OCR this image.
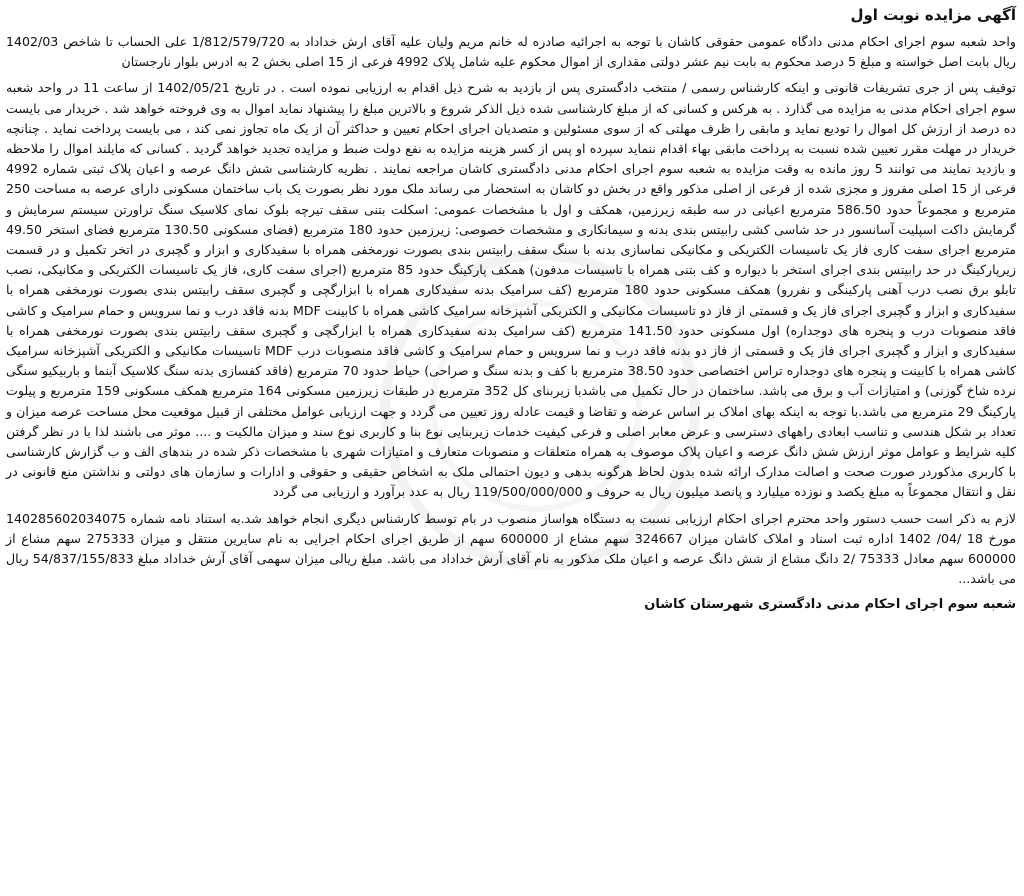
آگهی مزایده نوبت اول

واحد شعبه سوم اجرای احکام مدنی دادگاه عمومی حقوقی کاشان با توجه به اجرائیه صادره له خانم مریم ولیان علیه آقای ارش خداداد به 1/812/579/720 علی الحساب تا شاخص 1402/03 ریال بابت اصل خواسته و مبلغ 5 درصد محکوم به بابت نیم عشر دولتی مقداری از اموال محکوم علیه شامل پلاک 4992 فرعی از 15 اصلی بخش 2 به ادرس بلوار نارجستان

توقیف پس از جری تشریفات قانونی و اینکه کارشناس رسمی / منتخب دادگستری پس از بازدید به شرح ذیل اقدام به ارزیابی نموده است . در تاریخ 1402/05/21 از ساعت 11 در واحد شعبه سوم اجرای احکام مدنی به مزایده می گذارد . به هرکس و کسانی که از مبلغ کارشناسی شده ذیل الذکر شروع و بالاترین مبلغ را پیشنهاد نماید اموال به وی فروخته خواهد شد . خریدار می بایست ده درصد از ارزش کل اموال را تودیع نماید و مابقی را ظرف مهلتی که از سوی مسئولین و متصدیان اجرای احکام تعیین و حداکثر آن از یک ماه تجاوز نمی کند ، می بایست پرداخت نماید . چنانچه خریدار در مهلت مقرر تعیین شده نسبت به پرداخت مابقی بهاء اقدام ننماید سپرده او پس از کسر هزینه مزایده به نفع دولت ضبط و مزایده تجدید خواهد گردید . کسانی که مایلند اموال را ملاحظه و بازدید نمایند می توانند 5 روز مانده به وقت مزایده به شعبه سوم اجرای احکام مدنی دادگستری کاشان مراجعه نمایند . نظریه کارشناسی شش دانگ عرصه و اعیان پلاک ثبتی شماره 4992 فرعی از 15 اصلی مفروز و مجزی شده از فرعی از اصلی مذکور واقع در بخش دو کاشان به استحضار می رساند ملک مورد نظر بصورت یک باب ساختمان مسکونی دارای عرصه به مساحت 250 مترمربع و مجموعاً حدود 586.50 مترمربع اعیانی در سه طبقه زیرزمین، همکف و اول با مشخصات عمومی: اسکلت بتنی سقف تیرچه بلوک نمای کلاسیک سنگ تراورتن سیستم سرمایش و گرمایش داکت اسپلیت آسانسور در حد شاسی کشی رابیتس بندی بدنه و سیمانکاری و مشخصات خصوصی: زیرزمین حدود 180 مترمربع (فضای مسکونی 130.50 مترمربع فضای استخر 49.50 مترمربع اجرای سفت کاری فاز یک تاسیسات الکتریکی و مکانیکی نماسازی بدنه با سنگ سقف رابیتس بندی بصورت نورمخفی همراه با سفیدکاری و ابزار و گچبری در اتخر تکمیل و در قسمت زیرپارکینگ در حد رابیتس بندی اجرای استخر با دیواره و کف بتنی همراه با تاسیسات مدفون) همکف پارکینگ حدود 85 مترمربع (اجرای سفت کاری، فاز یک تاسیسات الکتریکی و مکانیکی، نصب تابلو برق نصب درب آهنی پارکینگی و نفررو) همکف مسکونی حدود 180 مترمربع (کف سرامیک بدنه سفیدکاری همراه با ابزارگچی و گچبری سقف رابیتس بندی بصورت نورمخفی همراه با سفیدکاری و ابزار و گچبری اجرای فاز یک و قسمتی از فاز دو تاسیسات مکانیکی و الکتریکی آشپزخانه سرامیک کاشی همراه با کابینت MDF بدنه فاقد درب و نما سرویس و حمام سرامیک و کاشی فاقد منصوبات درب و پنجره های دوجداره) اول مسکونی حدود 141.50 مترمربع (کف سرامیک بدنه سفیدکاری همراه با ابزارگچی و گچبری سقف رابیتس بندی بصورت نورمخفی همراه با سفیدکاری و ابزار و گچبری اجرای فاز یک و قسمتی از فاز دو بدنه فاقد درب و نما سرویس و حمام سرامیک و کاشی فاقد منصوبات درب MDF تاسیسات مکانیکی و الکتریکی آشپزخانه سرامیک کاشی همراه با کابینت و پنجره های دوجداره تراس اختصاصی حدود 38.50 مترمربع با کف و بدنه سنگ و صراحی) حیاط حدود 70 مترمربع (فاقد کفسازی بدنه سنگ کلاسیک آبنما و باربیکیو سنگی نرده شاخ گوزنی) و امتیازات آب و برق می باشد. ساختمان در حال تکمیل می باشدبا زیربنای کل 352 مترمربع در طبقات زیرزمین مسکونی 164 مترمربع همکف مسکونی 159 مترمربع و پیلوت پارکینگ 29 مترمربع می باشد.با توجه به اینکه بهای املاک بر اساس عرضه و تقاضا و قیمت عادله روز تعیین می گردد و جهت ارزیابی عوامل مختلفی از قبیل موقعیت محل مساحت عرصه میزان و تعداد بر شکل هندسی و تناسب ابعادی راههای دسترسی و عرض معابر اصلی و فرعی کیفیت خدمات زیربنایی نوع بنا و کاربری نوع سند و میزان مالکیت و .... موثر می باشند لذا با در نظر گرفتن کلیه شرایط و عوامل موثر ارزش شش دانگ عرصه و اعیان پلاک موصوف به همراه متعلقات و منصوبات متعارف و امتیازات شهری با مشخصات ذکر شده در بندهای الف و ب گزارش کارشناسی با کاربری مذکوردر صورت صحت و اصالت مدارک ارائه شده بدون لحاظ هرگونه بدهی و دیون احتمالی ملک به اشخاص حقیقی و حقوقی و ادارات و سازمان های دولتی و نداشتن منع قانونی در نقل و انتقال مجموعاً به مبلغ یکصد و نوزده میلیارد و پانصد میلیون ریال به حروف و 119/500/000/000 ریال به عدد برآورد و ارزیابی می گردد

لازم به ذکر است حسب دستور واحد محترم اجرای احکام ارزیابی نسبت به دستگاه هواساز منصوب در بام توسط کارشناس دیگری انجام خواهد شد.به استناد نامه شماره 140285602034075 مورخ 18 /04/ 1402 اداره ثبت اسناد و املاک کاشان میزان 324667 سهم مشاع از 600000 سهم از طریق اجرای احکام اجرایی به نام سایرین منتقل و میزان 275333 سهم مشاع از 600000 سهم معادل 75333 /2 دانگ مشاع از شش دانگ عرصه و اعیان ملک مذکور به نام آقای آرش خداداد می باشد. مبلغ ریالی میزان سهمی آقای آرش خداداد مبلغ 54/837/155/833 ریال می باشد...

شعبه سوم اجرای احکام مدنی دادگستری شهرستان کاشان
